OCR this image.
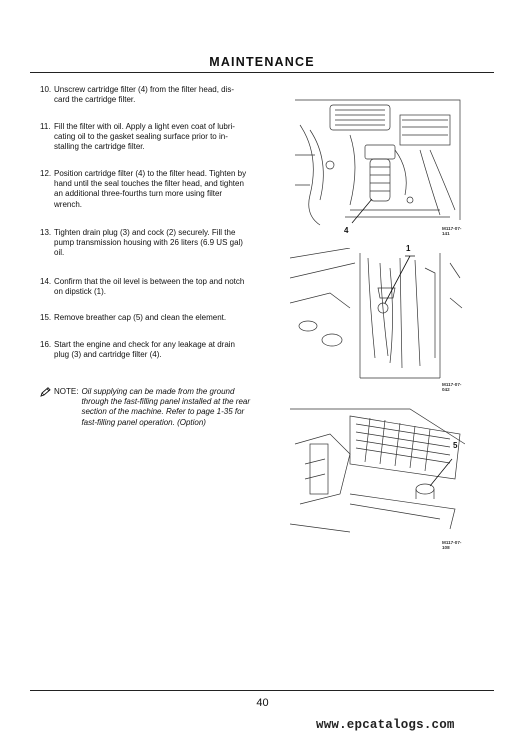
MAINTENANCE
10. Unscrew cartridge filter (4) from the filter head, dis-
card the cartridge filter.
11. Fill the filter with oil. Apply a light even coat of lubri-
cating oil to the gasket sealing surface prior to in-
stalling the cartridge filter.
12. Position cartridge filter (4) to the filter head. Tighten by
hand until the seal touches the filter head, and tighten
an additional three-fourths turn more using filter
wrench.
13. Tighten drain plug (3) and cock (2) securely. Fill the
pump transmission housing with 26 liters (6.9 US gal)
oil.
14. Confirm that the oil level is between the top and notch
on dipstick (1).
15. Remove breather cap (5) and clean the element.
16. Start the engine and check for any leakage at drain
plug (3) and cartridge filter (4).
NOTE: Oil supplying can be made from the ground
through the fast-filling panel installed at the rear
section of the machine. Refer to page 1-35 for
fast-filling panel operation. (Option)
4	M117-07-141
1
M117-07-042
5
M117-07-108
40
www.epcatalogs.com
